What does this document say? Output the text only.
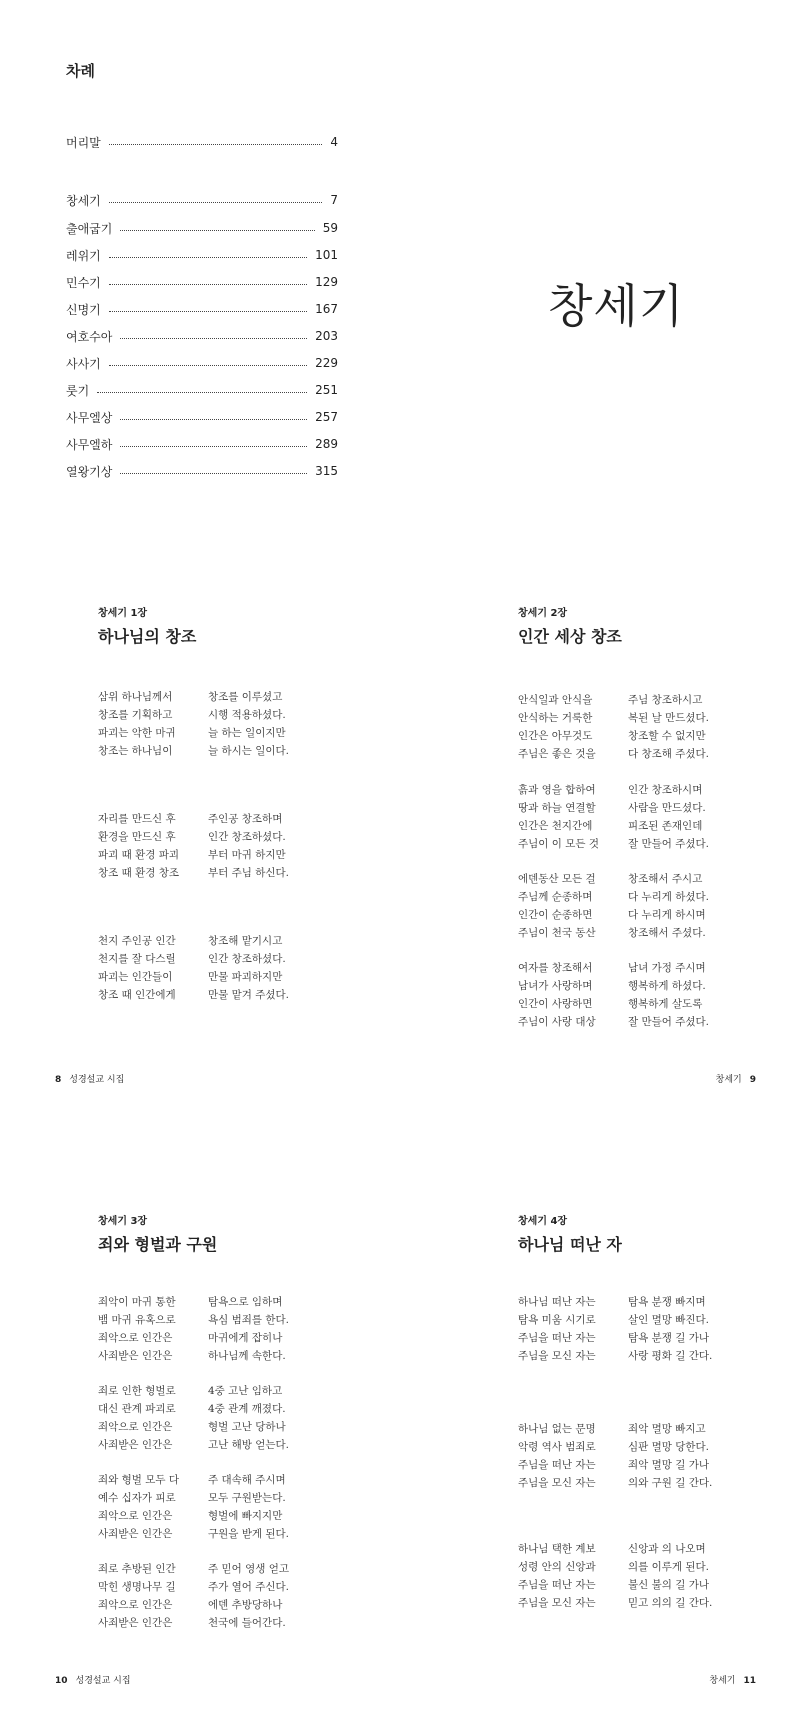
차례
머리말	4
창세기	7
출애굽기	59
레위기	101
민수기	129
신명기	167
여호수아	203
사사기	229
룻기	251
사무엘상	257
사무엘하	289
열왕기상	315
창세기
창세기 1장
하나님의 창조
삼위 하나님께서	창조를 이루셨고
창조를 기획하고	시행 적용하셨다.
파괴는 악한 마귀	늘 하는 일이지만
창조는 하나님이	늘 하시는 일이다.
자리를 만드신 후	주인공 창조하며
환경을 만드신 후	인간 창조하셨다.
파괴 때 환경 파괴	부터 마귀 하지만
창조 때 환경 창조	부터 주님 하신다.
천지 주인공 인간	창조해 맡기시고
천지를 잘 다스릴	인간 창조하셨다.
파괴는 인간들이	만물 파괴하지만
창조 때 인간에게	만물 맡겨 주셨다.
창세기 2장
인간 세상 창조
안식일과 안식을	주님 창조하시고
안식하는 거룩한	복된 날 만드셨다.
인간은 아무것도	창조할 수 없지만
주님은 좋은 것을	다 창조해 주셨다.
흙과 영을 합하여	인간 창조하시며
땅과 하늘 연결할	사람을 만드셨다.
인간은 천지간에	피조된 존재인데
주님이 이 모든 것	잘 만들어 주셨다.
에덴동산 모든 걸	창조해서 주시고
주님께 순종하며	다 누리게 하셨다.
인간이 순종하면	다 누리게 하시며
주님이 천국 동산	창조해서 주셨다.
여자를 창조해서	남녀 가정 주시며
남녀가 사랑하며	행복하게 하셨다.
인간이 사랑하면	행복하게 살도록
주님이 사랑 대상	잘 만들어 주셨다.
8 성경설교 시집	창세기 9
창세기 3장
죄와 형벌과 구원
죄악이 마귀 통한	탐욕으로 임하며
뱀 마귀 유혹으로	욕심 범죄를 한다.
죄악으로 인간은	마귀에게 잡히나
사죄받은 인간은	하나님께 속한다.
죄로 인한 형벌로	4중 고난 임하고
대신 관계 파괴로	4중 관계 깨졌다.
죄악으로 인간은	형벌 고난 당하나
사죄받은 인간은	고난 해방 얻는다.
죄와 형벌 모두 다	주 대속해 주시며
예수 십자가 피로	모두 구원받는다.
죄악으로 인간은	형벌에 빠지지만
사죄받은 인간은	구원을 받게 된다.
죄로 추방된 인간	주 믿어 영생 얻고
막힌 생명나무 길	주가 열어 주신다.
죄악으로 인간은	에덴 추방당하나
사죄받은 인간은	천국에 들어간다.
창세기 4장
하나님 떠난 자
하나님 떠난 자는	탐욕 분쟁 빠지며
탐욕 미움 시기로	살인 멸망 빠진다.
주님을 떠난 자는	탐욕 분쟁 길 가나
주님을 모신 자는	사랑 평화 길 간다.
하나님 없는 문명	죄악 멸망 빠지고
악령 역사 범죄로	심판 멸망 당한다.
주님을 떠난 자는	죄악 멸망 길 가나
주님을 모신 자는	의와 구원 길 간다.
하나님 택한 계보	신앙과 의 나오며
성령 안의 신앙과	의를 이루게 된다.
주님을 떠난 자는	불신 불의 길 가나
주님을 모신 자는	믿고 의의 길 간다.
10 성경설교 시집	창세기 11
